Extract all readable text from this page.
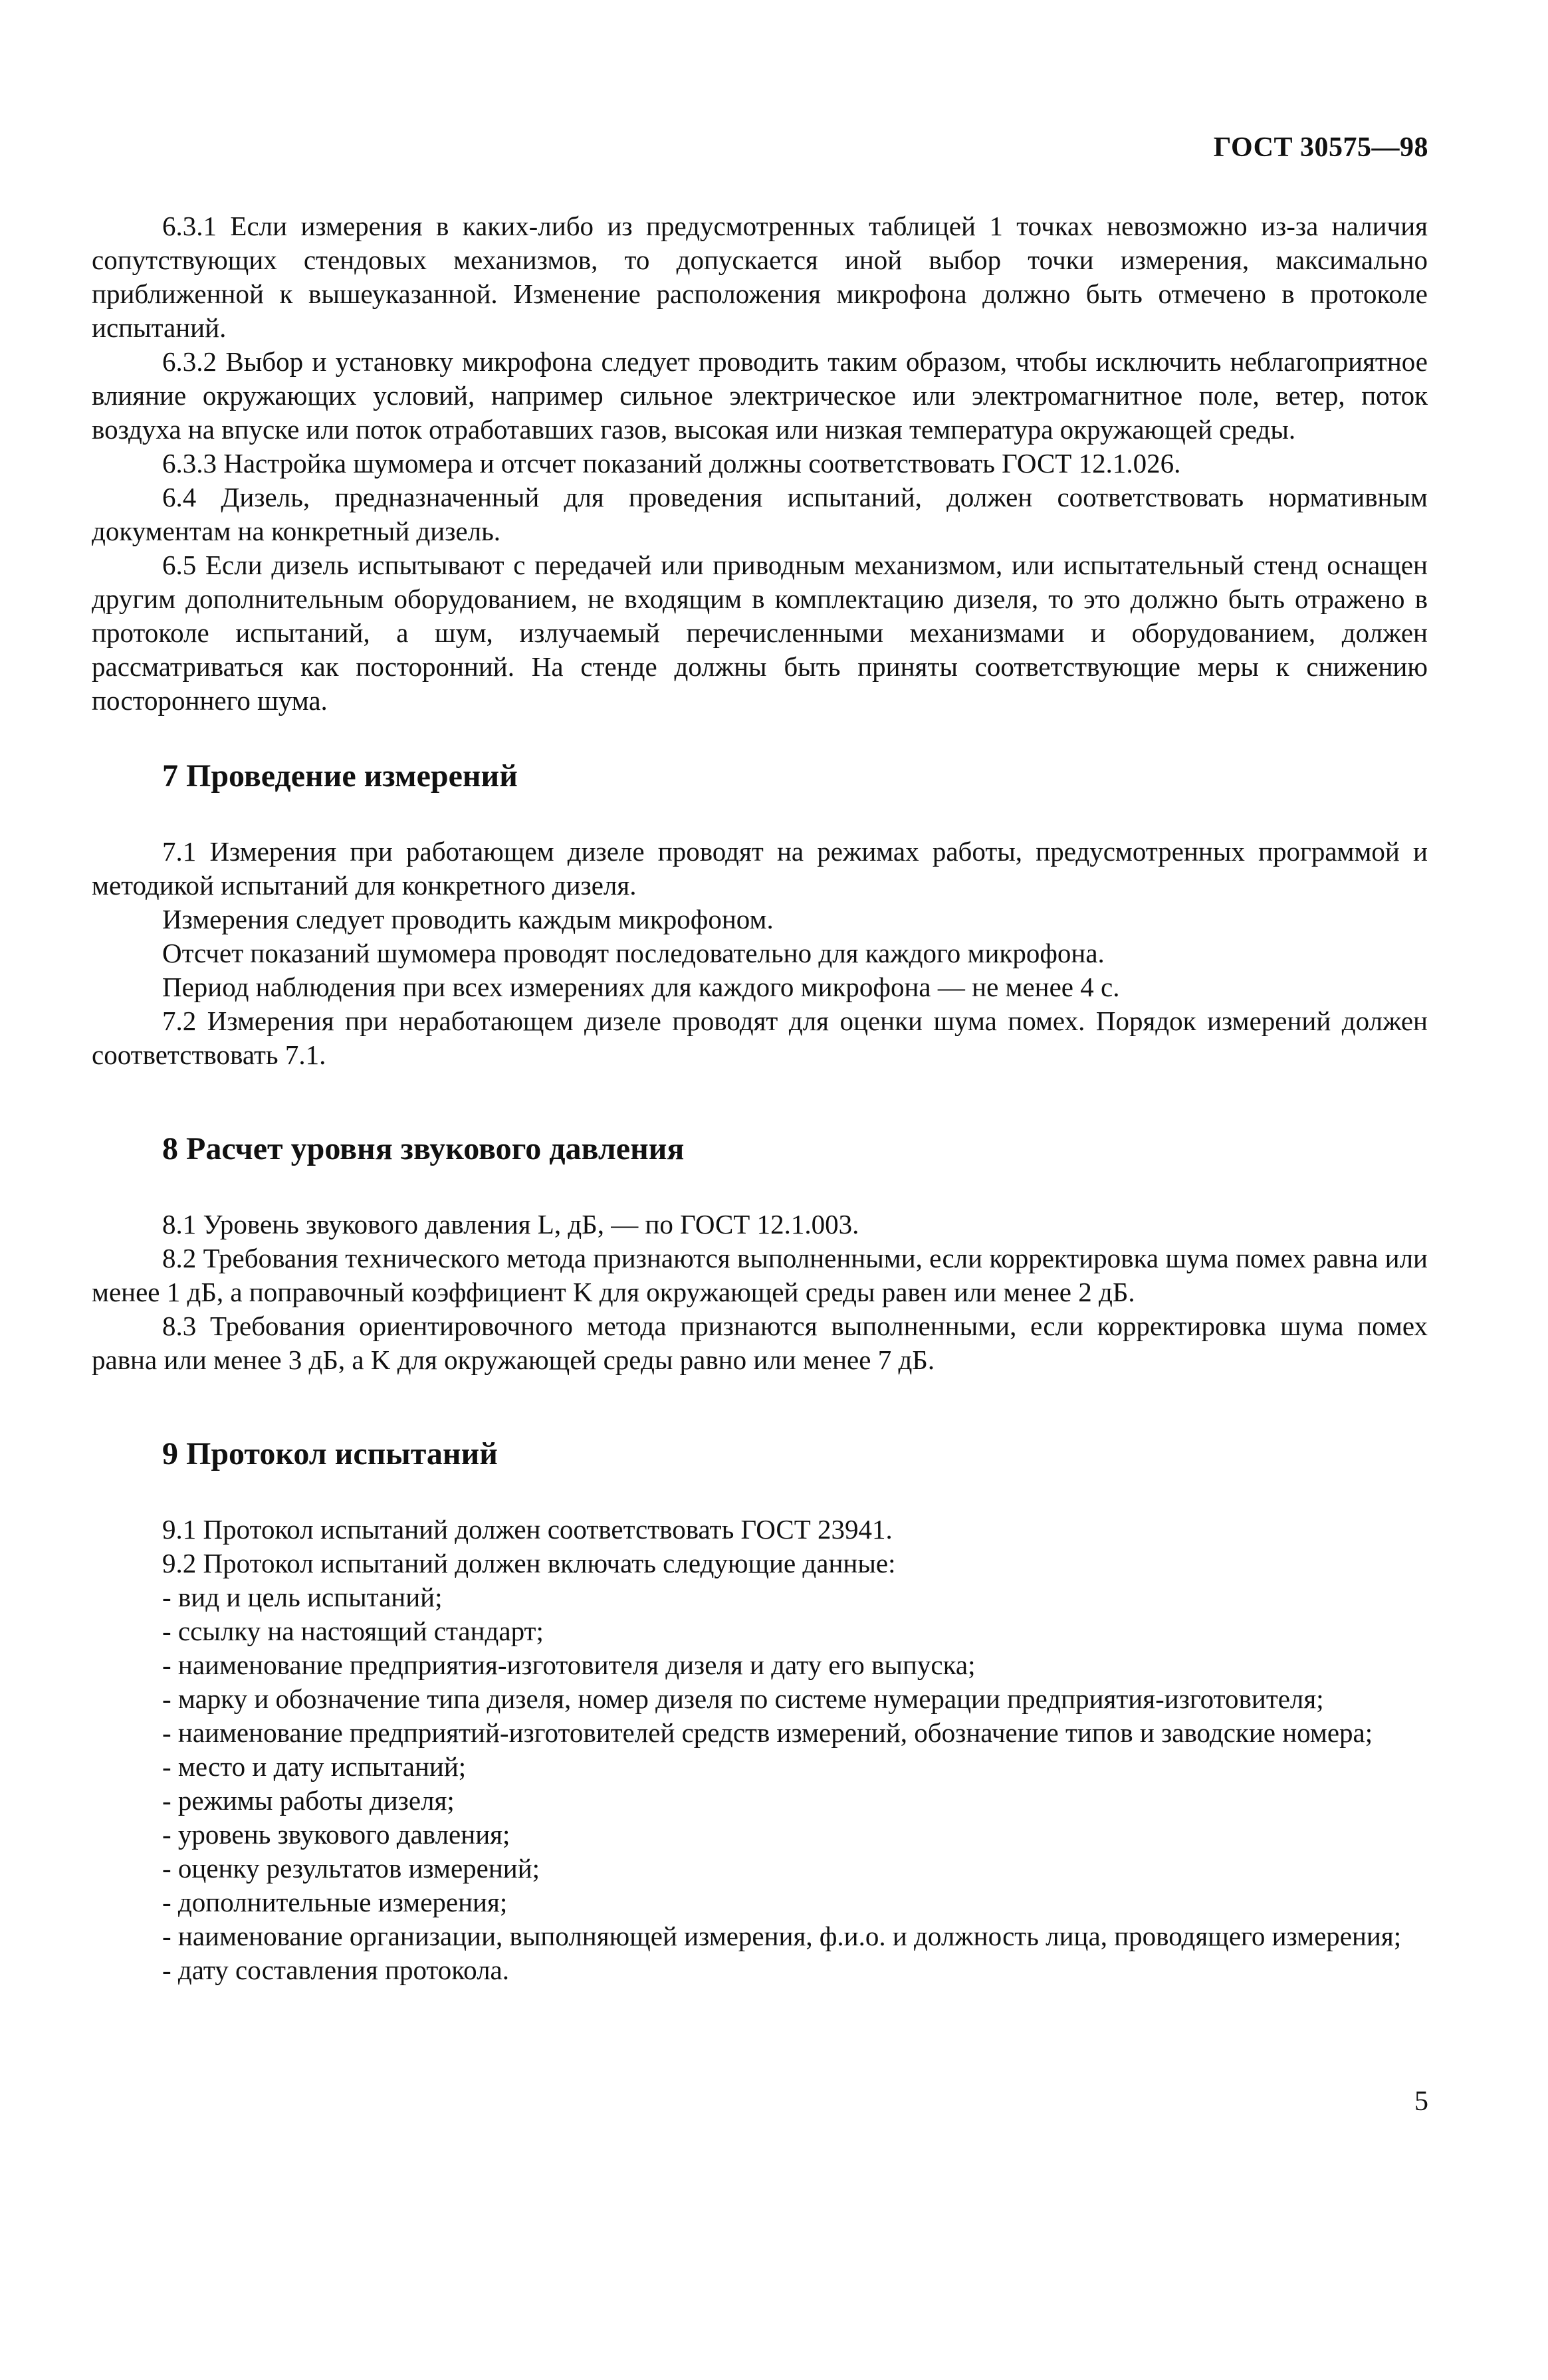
ГОСТ 30575—98

6.3.1 Если измерения в каких-либо из предусмотренных таблицей 1 точках невозможно из-за наличия сопутствующих стендовых механизмов, то допускается иной выбор точки измерения, максимально приближенной к вышеуказанной. Изменение расположения микрофона должно быть отмечено в протоколе испытаний.

6.3.2 Выбор и установку микрофона следует проводить таким образом, чтобы исключить неблагоприятное влияние окружающих условий, например сильное электрическое или электромагнитное поле, ветер, поток воздуха на впуске или поток отработавших газов, высокая или низкая температура окружающей среды.

6.3.3 Настройка шумомера и отсчет показаний должны соответствовать ГОСТ 12.1.026.

6.4 Дизель, предназначенный для проведения испытаний, должен соответствовать нормативным документам на конкретный дизель.

6.5 Если дизель испытывают с передачей или приводным механизмом, или испытательный стенд оснащен другим дополнительным оборудованием, не входящим в комплектацию дизеля, то это должно быть отражено в протоколе испытаний, а шум, излучаемый перечисленными механизмами и оборудованием, должен рассматриваться как посторонний. На стенде должны быть приняты соответствующие меры к снижению постороннего шума.

7 Проведение измерений

7.1 Измерения при работающем дизеле проводят на режимах работы, предусмотренных программой и методикой испытаний для конкретного дизеля.

Измерения следует проводить каждым микрофоном.

Отсчет показаний шумомера проводят последовательно для каждого микрофона.

Период наблюдения при всех измерениях для каждого микрофона — не менее 4 с.

7.2 Измерения при неработающем дизеле проводят для оценки шума помех. Порядок измерений должен соответствовать 7.1.

8 Расчет уровня звукового давления

8.1 Уровень звукового давления L, дБ, — по ГОСТ 12.1.003.

8.2 Требования технического метода признаются выполненными, если корректировка шума помех равна или менее 1 дБ, а поправочный коэффициент K для окружающей среды равен или менее 2 дБ.

8.3 Требования ориентировочного метода признаются выполненными, если корректировка шума помех равна или менее 3 дБ, а K для окружающей среды равно или менее 7 дБ.

9 Протокол испытаний

9.1 Протокол испытаний должен соответствовать ГОСТ 23941.

9.2 Протокол испытаний должен включать следующие данные:

- вид и цель испытаний;

- ссылку на настоящий стандарт;

- наименование предприятия-изготовителя дизеля и дату его выпуска;

- марку и обозначение типа дизеля, номер дизеля по системе нумерации предприятия-изготовителя;

- наименование предприятий-изготовителей средств измерений, обозначение типов и заводские номера;

- место и дату испытаний;

- режимы работы дизеля;

- уровень звукового давления;

- оценку результатов измерений;

- дополнительные измерения;

- наименование организации, выполняющей измерения, ф.и.о. и должность лица, проводящего измерения;

- дату составления протокола.

5
